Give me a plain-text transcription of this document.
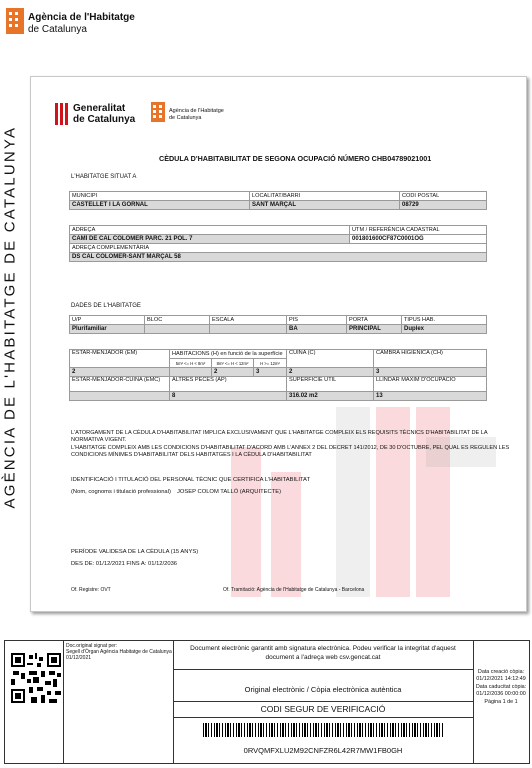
Agència de l'Habitatge
de Catalunya
AGÈNCIA DE L'HABITATGE DE CATALUNYA
Generalitat
de Catalunya
Agència de l'Habitatge
de Catalunya
CÈDULA D'HABITABILITAT DE SEGONA OCUPACIÓ NÚMERO CHB04789021001
L'HABITATGE SITUAT A
MUNICIPI	LOCALITAT/BARRI	CODI POSTAL
CASTELLET I LA GORNAL	SANT MARÇAL	08729
ADREÇA	UTM / REFERÈNCIA CADASTRAL
CAMÍ DE CAL COLOMER PARC. 21 POL. 7	001801600CF87C0001OG
ADREÇA COMPLEMENTÀRIA	
DS CAL COLOMER-SANT MARÇAL 58	
DADES DE L'HABITATGE
U/P	BLOC	ESCALA	PIS	PORTA	TIPUS HAB.
Plurifamiliar			BA	PRINCIPAL	Duplex
ESTAR-MENJADOR (EM)	HABITACIONS (H) en funció de la superfície			CUINA (C)	CAMBRA HIGIÈNICA (CH)
	5m² <= H < 8m²	8m² <= H < 12m²	H >= 12m²		
2		2	3	2	3
ESTAR-MENJADOR-CUINA (EMC)	ALTRES PECES (AP)			SUPERFÍCIE ÚTIL	LLINDAR MÀXIM D'OCUPACIÓ
	8			316.02 m2	13
L'ATORGAMENT DE LA CÈDULA D'HABITABILITAT IMPLICA EXCLUSIVAMENT QUE L'HABITATGE COMPLEIX ELS REQUISITS TÈCNICS D'HABITABILITAT DE LA NORMATIVA VIGENT.
L'HABITATGE COMPLEIX AMB LES CONDICIONS D'HABITABILITAT D'ACORD AMB L'ANNEX 2 DEL DECRET 141/2012, DE 30 D'OCTUBRE, PEL QUAL ES REGULEN LES CONDICIONS MÍNIMES D'HABITABILITAT DELS HABITATGES I LA CÈDULA D'HABITABILITAT
IDENTIFICACIÓ I TITULACIÓ DEL PERSONAL TÈCNIC QUE CERTIFICA L'HABITABILITAT
(Nom, cognoms i titulació professional) JOSEP COLOM TALLÓ (ARQUITECTE)
PERÍODE VALIDESA DE LA CÈDULA (15 ANYS)
DES DE: 01/12/2021 FINS A: 01/12/2036
Of. Registre: OVT	Of. Tramitació: Agència de l'Habitatge de Catalunya - Barcelona
Doc.original signat per:
Segell d'Òrgan Agència Habitatge de Catalunya
01/12/2021
Document electrònic garantit amb signatura electrònica. Podeu verificar la integritat d'aquest document a l'adreça web csv.gencat.cat
Original electrònic / Còpia electrònica autèntica
CODI SEGUR DE VERIFICACIÓ
0RVQMFXLU2M92CNFZR6L42R7MW1FB0GH
Data creació còpia:
01/12/2021 14:12:49
Data caducitat còpia:
01/12/2036 00:00:00
Pàgina 1 de 1
